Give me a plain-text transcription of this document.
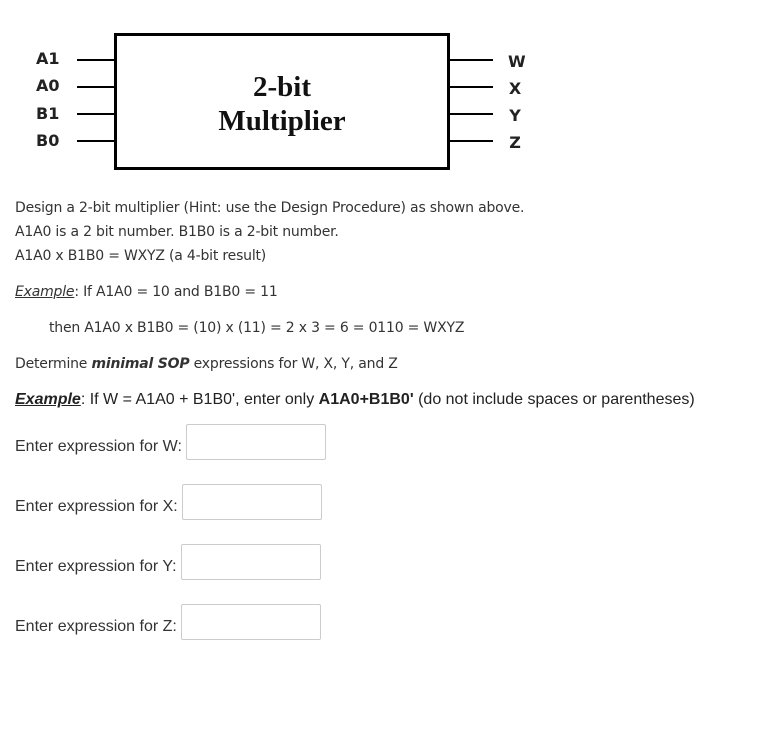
A1
A0
B1
B0
2-bit
Multiplier
W
X
Y
Z
Design a 2-bit multiplier (Hint: use the Design Procedure) as shown above.
A1A0 is a 2 bit number. B1B0 is a 2-bit number.
A1A0 x B1B0 = WXYZ (a 4-bit result)
Example: If A1A0 = 10 and B1B0 = 11
then A1A0 x B1B0 = (10) x (11) = 2 x 3 = 6 = 0110 = WXYZ
Determine minimal SOP expressions for W, X, Y, and Z
Example: If W = A1A0 + B1B0', enter only A1A0+B1B0' (do not include spaces or parentheses)
Enter expression for W:
Enter expression for X:
Enter expression for Y:
Enter expression for Z:
